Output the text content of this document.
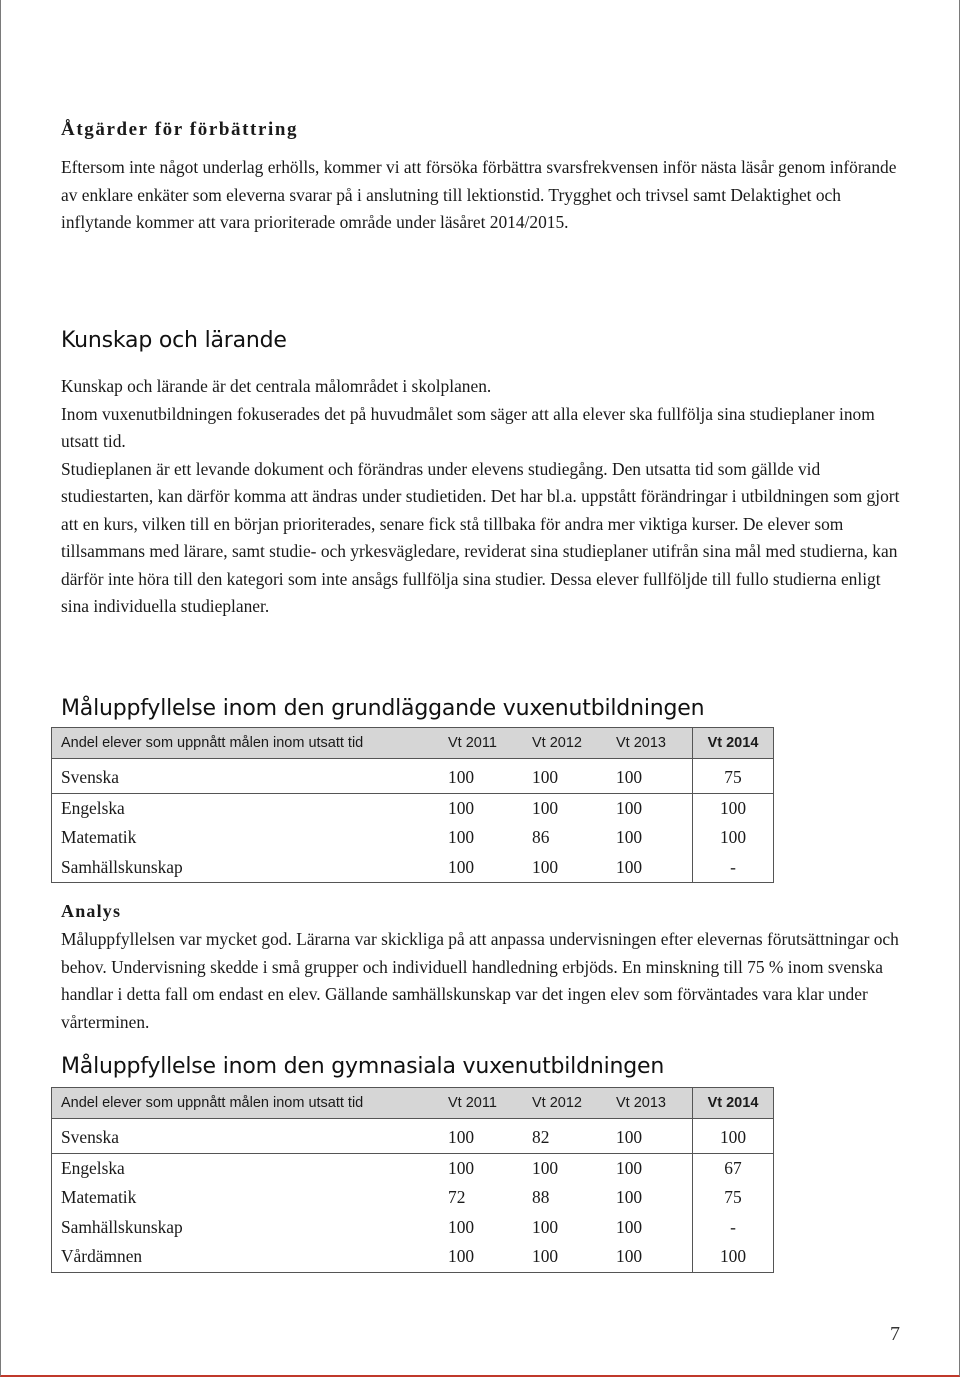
Åtgärder för förbättring

Eftersom inte något underlag erhölls, kommer vi att försöka förbättra svarsfrekvensen inför nästa läsår genom införande av enklare enkäter som eleverna svarar på i anslutning till lektionstid. Trygghet och trivsel samt Delaktighet och inflytande kommer att vara prioriterade område under läsåret 2014/2015.

Kunskap och lärande

Kunskap och lärande är det centrala målområdet i skolplanen.

Inom vuxenutbildningen fokuserades det på huvudmålet som säger att alla elever ska fullfölja sina studieplaner inom utsatt tid.

Studieplanen är ett levande dokument och förändras under elevens studiegång. Den utsatta tid som gällde vid studiestarten, kan därför komma att ändras under studietiden. Det har bl.a. uppstått förändringar i utbildningen som gjort att en kurs, vilken till en början prioriterades, senare fick stå tillbaka för andra mer viktiga kurser. De elever som tillsammans med lärare, samt studie- och yrkesvägledare, reviderat sina studieplaner utifrån sina mål med studierna, kan därför inte höra till den kategori som inte ansågs fullfölja sina studier. Dessa elever fullföljde till fullo studierna enligt sina individuella studieplaner.

Måluppfyllelse inom den grundläggande vuxenutbildningen
Andel elever som uppnått målen inom utsatt tid	Vt 2011	Vt 2012	Vt 2013	Vt 2014

Svenska	100	100	100	75
Engelska	100	100	100	100
Matematik	100	86	100	100
Samhällskunskap	100	100	100	-
Analys

Måluppfyllelsen var mycket god. Lärarna var skickliga på att anpassa undervisningen efter elevernas förutsättningar och behov. Undervisning skedde i små grupper och individuell handledning erbjöds. En minskning till 75 % inom svenska handlar i detta fall om endast en elev. Gällande samhällskunskap var det ingen elev som förväntades vara klar under vårterminen.

Måluppfyllelse inom den gymnasiala vuxenutbildningen
Andel elever som uppnått målen inom utsatt tid	Vt 2011	Vt 2012	Vt 2013	Vt 2014

Svenska	100	82	100	100
Engelska	100	100	100	67
Matematik	72	88	100	75
Samhällskunskap	100	100	100	-
Vårdämnen	100	100	100	100
7
